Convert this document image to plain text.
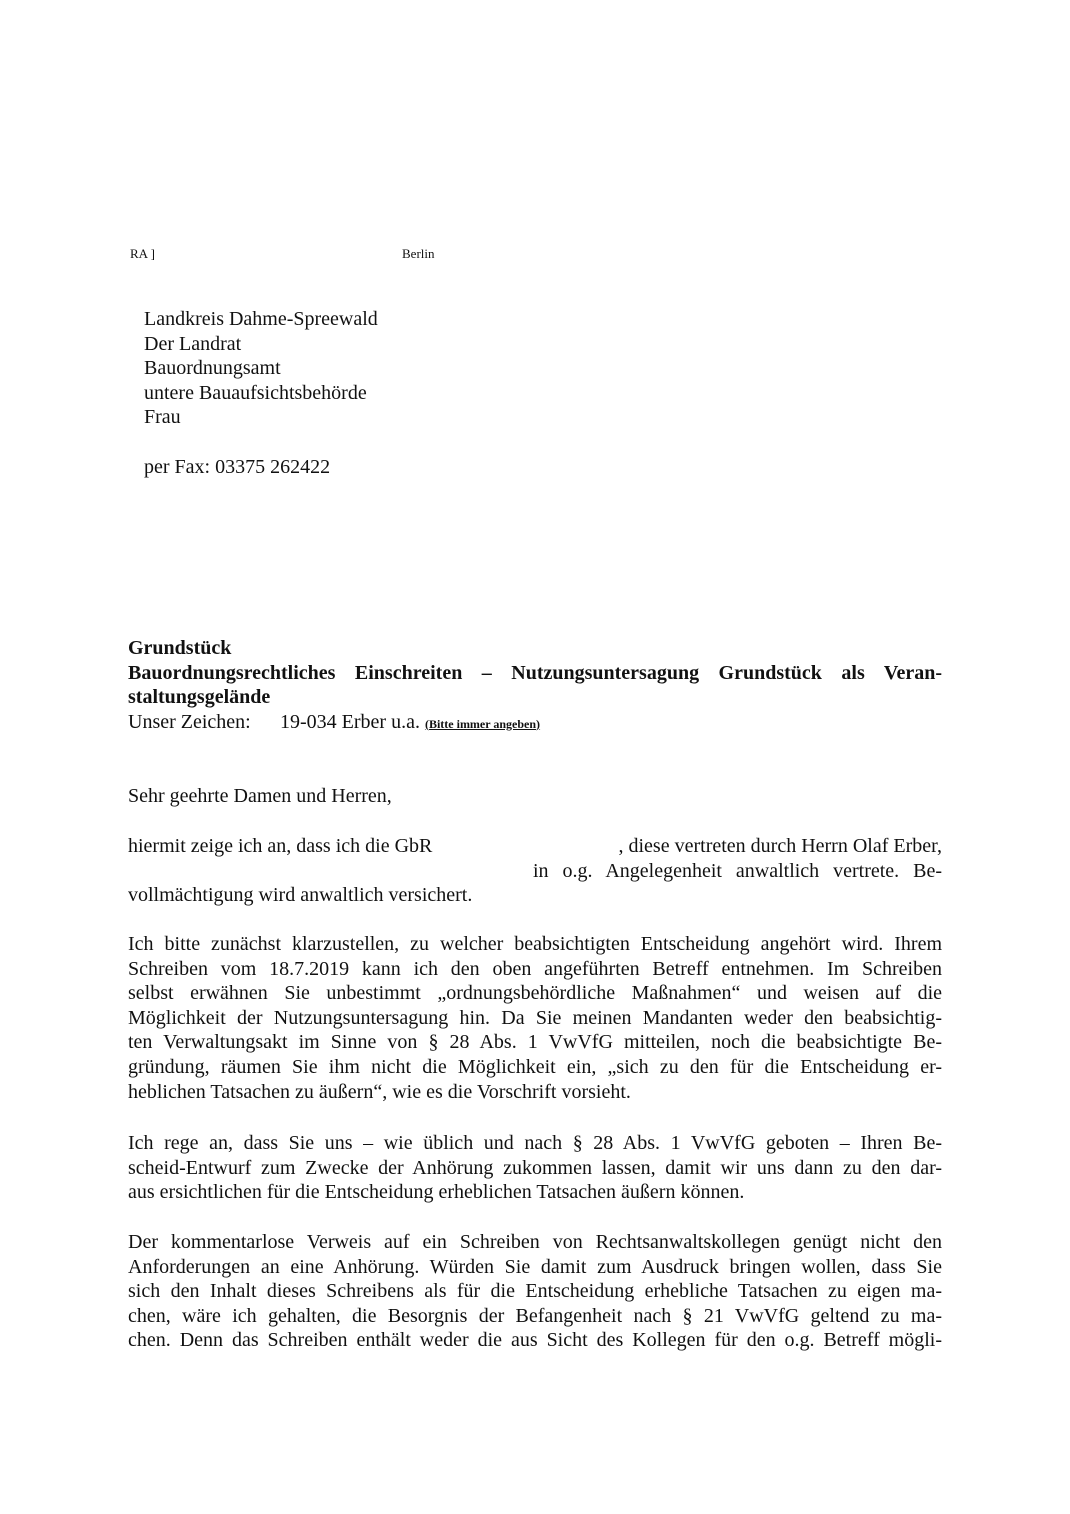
RA ]	Berlin
Landkreis Dahme-Spreewald
Der Landrat
Bauordnungsamt
untere Bauaufsichtsbehörde
Frau
per Fax: 03375 262422
Grundstück
Bauordnungsrechtliches Einschreiten – Nutzungsuntersagung Grundstück als Veran-
staltungsgelände
Unser Zeichen: 19-034 Erber u.a. (Bitte immer angeben)
Sehr geehrte Damen und Herren,
hiermit zeige ich an, dass ich die GbR	, diese vertreten durch Herrn Olaf Erber,
in o.g. Angelegenheit anwaltlich vertrete. Be-
vollmächtigung wird anwaltlich versichert.
Ich bitte zunächst klarzustellen, zu welcher beabsichtigten Entscheidung angehört wird. Ihrem
Schreiben vom 18.7.2019 kann ich den oben angeführten Betreff entnehmen. Im Schreiben
selbst erwähnen Sie unbestimmt „ordnungsbehördliche Maßnahmen“ und weisen auf die
Möglichkeit der Nutzungsuntersagung hin. Da Sie meinen Mandanten weder den beabsichtig-
ten Verwaltungsakt im Sinne von § 28 Abs. 1 VwVfG mitteilen, noch die beabsichtigte Be-
gründung, räumen Sie ihm nicht die Möglichkeit ein, „sich zu den für die Entscheidung er-
heblichen Tatsachen zu äußern“, wie es die Vorschrift vorsieht.
Ich rege an, dass Sie uns – wie üblich und nach § 28 Abs. 1 VwVfG geboten – Ihren Be-
scheid-Entwurf zum Zwecke der Anhörung zukommen lassen, damit wir uns dann zu den dar-
aus ersichtlichen für die Entscheidung erheblichen Tatsachen äußern können.
Der kommentarlose Verweis auf ein Schreiben von Rechtsanwaltskollegen genügt nicht den
Anforderungen an eine Anhörung. Würden Sie damit zum Ausdruck bringen wollen, dass Sie
sich den Inhalt dieses Schreibens als für die Entscheidung erhebliche Tatsachen zu eigen ma-
chen, wäre ich gehalten, die Besorgnis der Befangenheit nach § 21 VwVfG geltend zu ma-
chen. Denn das Schreiben enthält weder die aus Sicht des Kollegen für den o.g. Betreff mögli-
